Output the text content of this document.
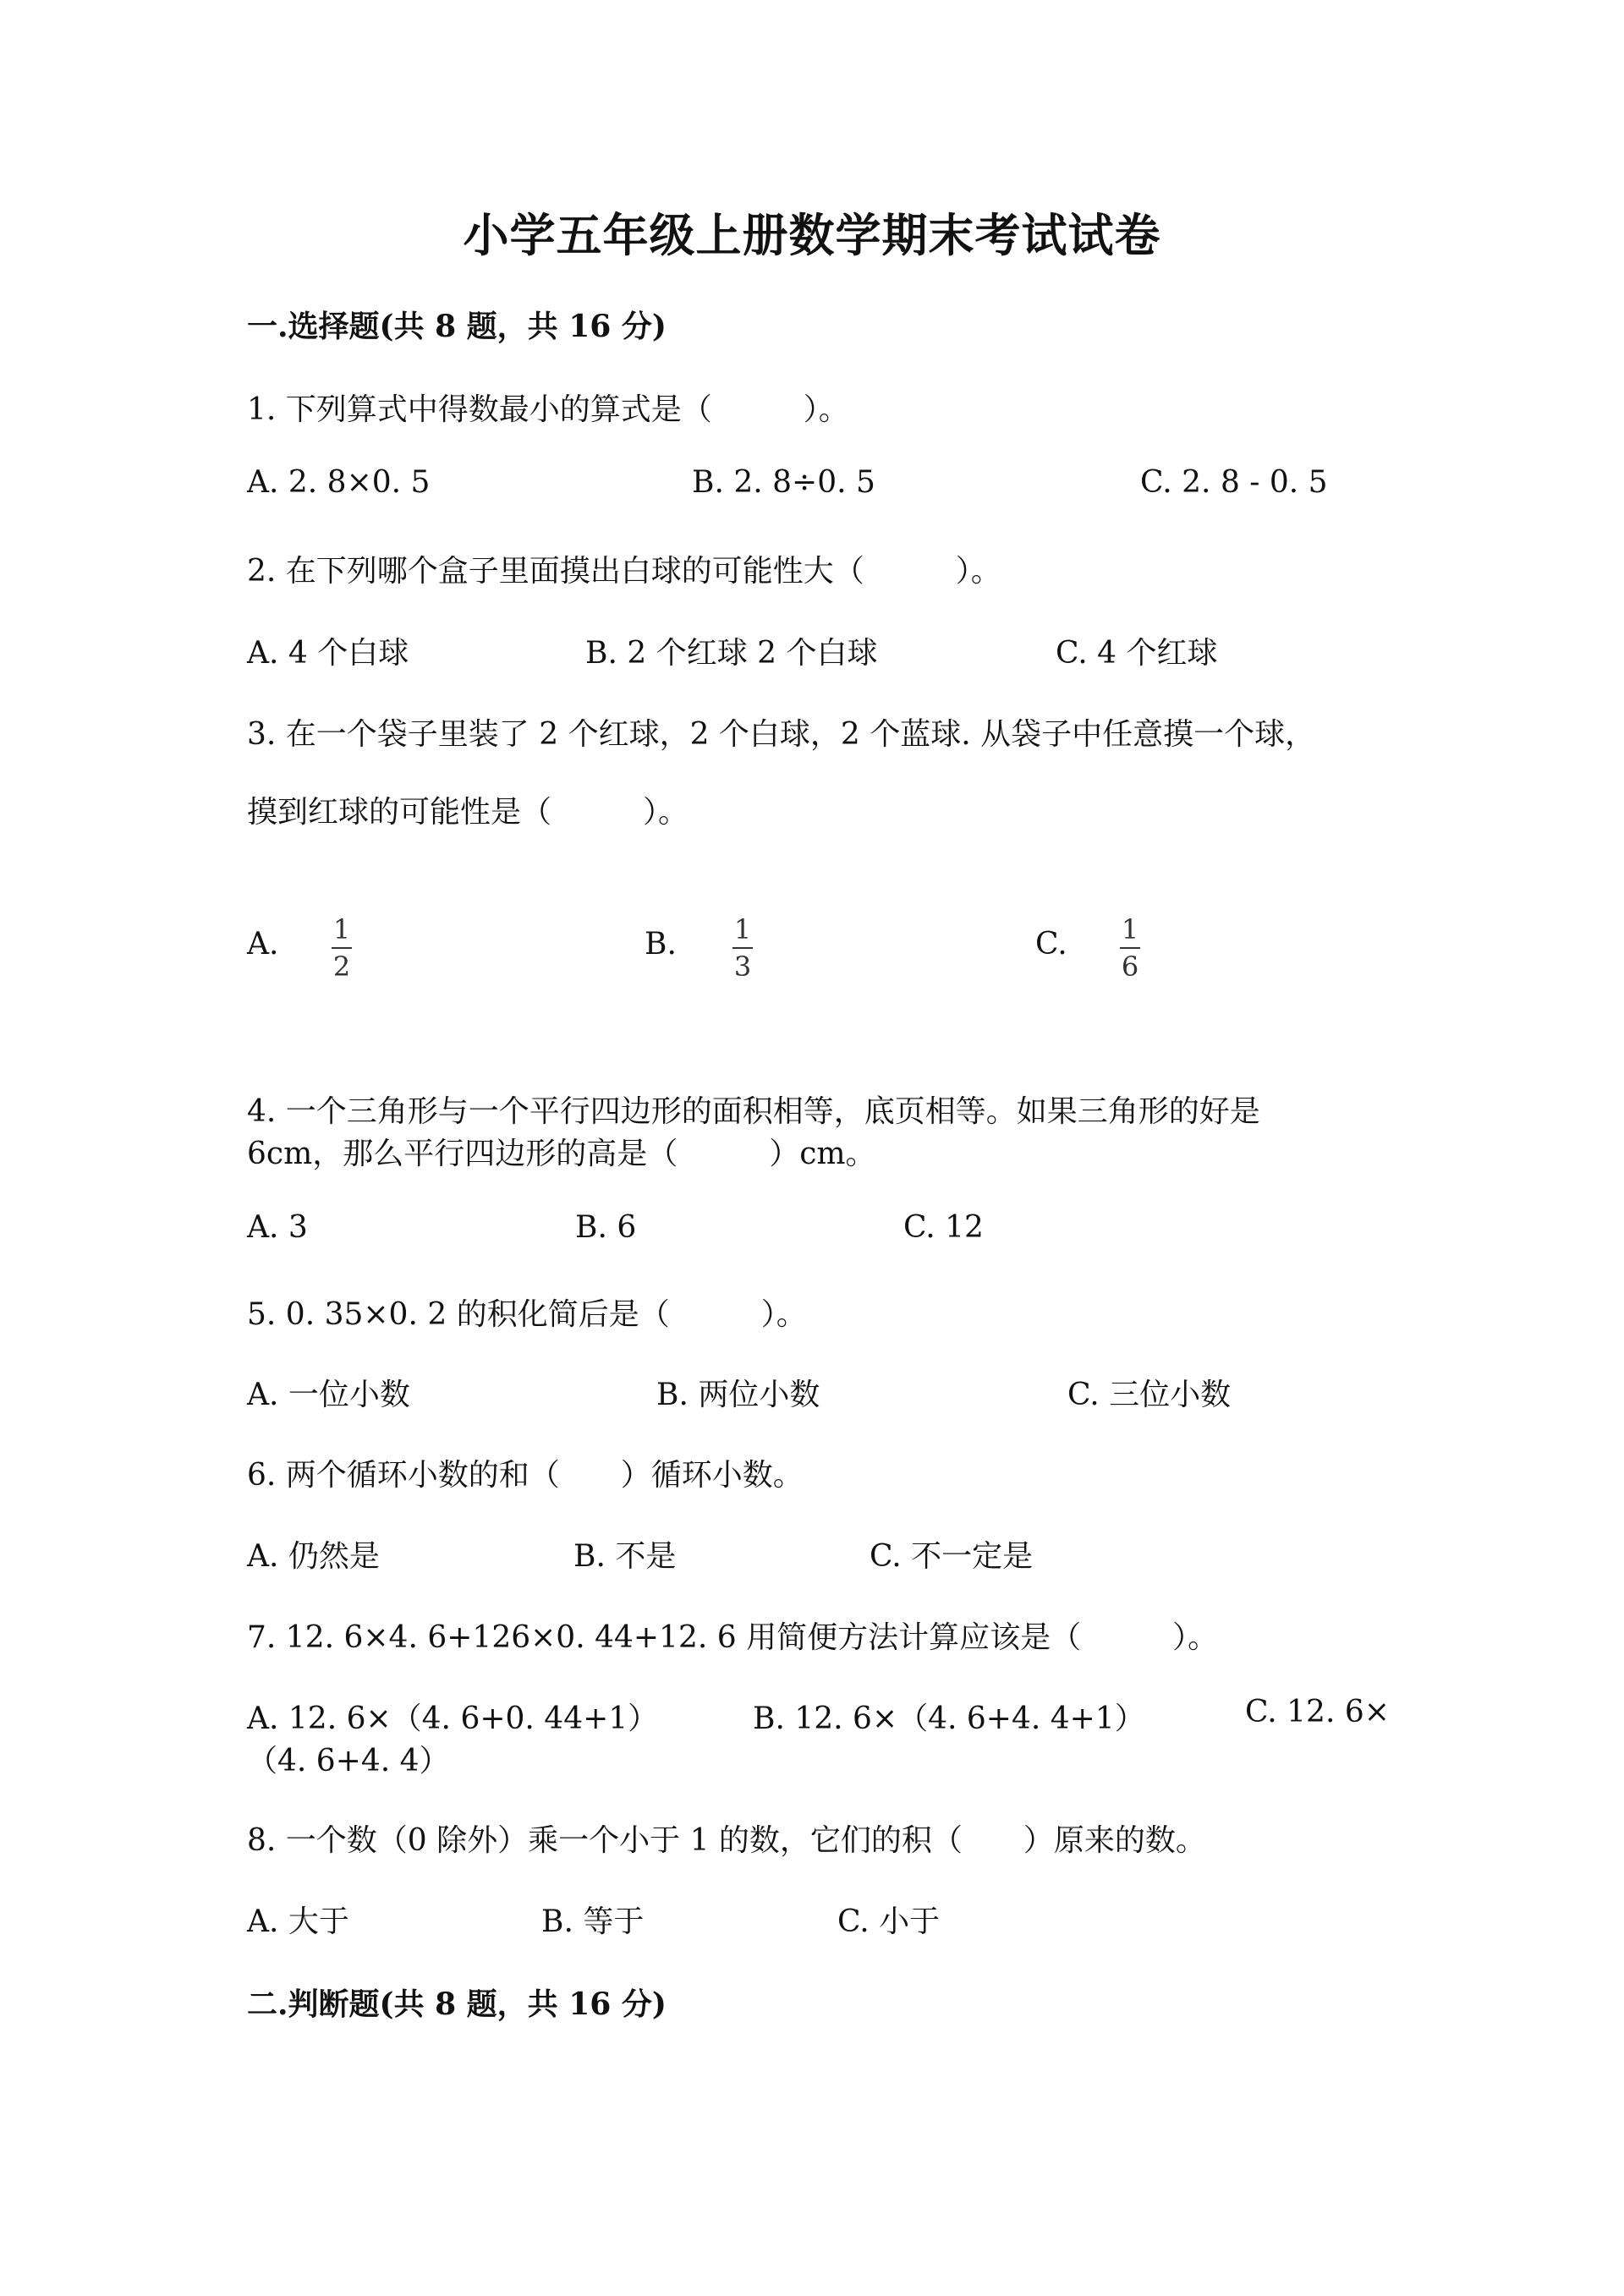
小学五年级上册数学期末考试试卷
一.选择题(共 8 题，共 16 分)
1. 下列算式中得数最小的算式是（　　　）。
A. 2. 8×0. 5	B. 2. 8÷0. 5	C. 2. 8 - 0. 5
2. 在下列哪个盒子里面摸出白球的可能性大（　　　）。
A. 4 个白球	B. 2 个红球 2 个白球	C. 4 个红球
3. 在一个袋子里装了 2 个红球，2 个白球，2 个蓝球. 从袋子中任意摸一个球，
摸到红球的可能性是（　　　）。
A. 1
2
B. 1
3
C. 1
6
4. 一个三角形与一个平行四边形的面积相等，底页相等。如果三角形的好是
6cm，那么平行四边形的高是（　　　）cm。
A. 3	B. 6	C. 12
5. 0. 35×0. 2 的积化简后是（　　　）。
A. 一位小数	B. 两位小数	C. 三位小数
6. 两个循环小数的和（　　）循环小数。
A. 仍然是	B. 不是	C. 不一定是
7. 12. 6×4. 6+126×0. 44+12. 6 用简便方法计算应该是（　　　）。
A. 12. 6×（4. 6+0. 44+1）	B. 12. 6×（4. 6+4. 4+1）	C. 12. 6×
（4. 6+4. 4）
8. 一个数（0 除外）乘一个小于 1 的数，它们的积（　　）原来的数。
A. 大于	B. 等于	C. 小于
二.判断题(共 8 题，共 16 分)
